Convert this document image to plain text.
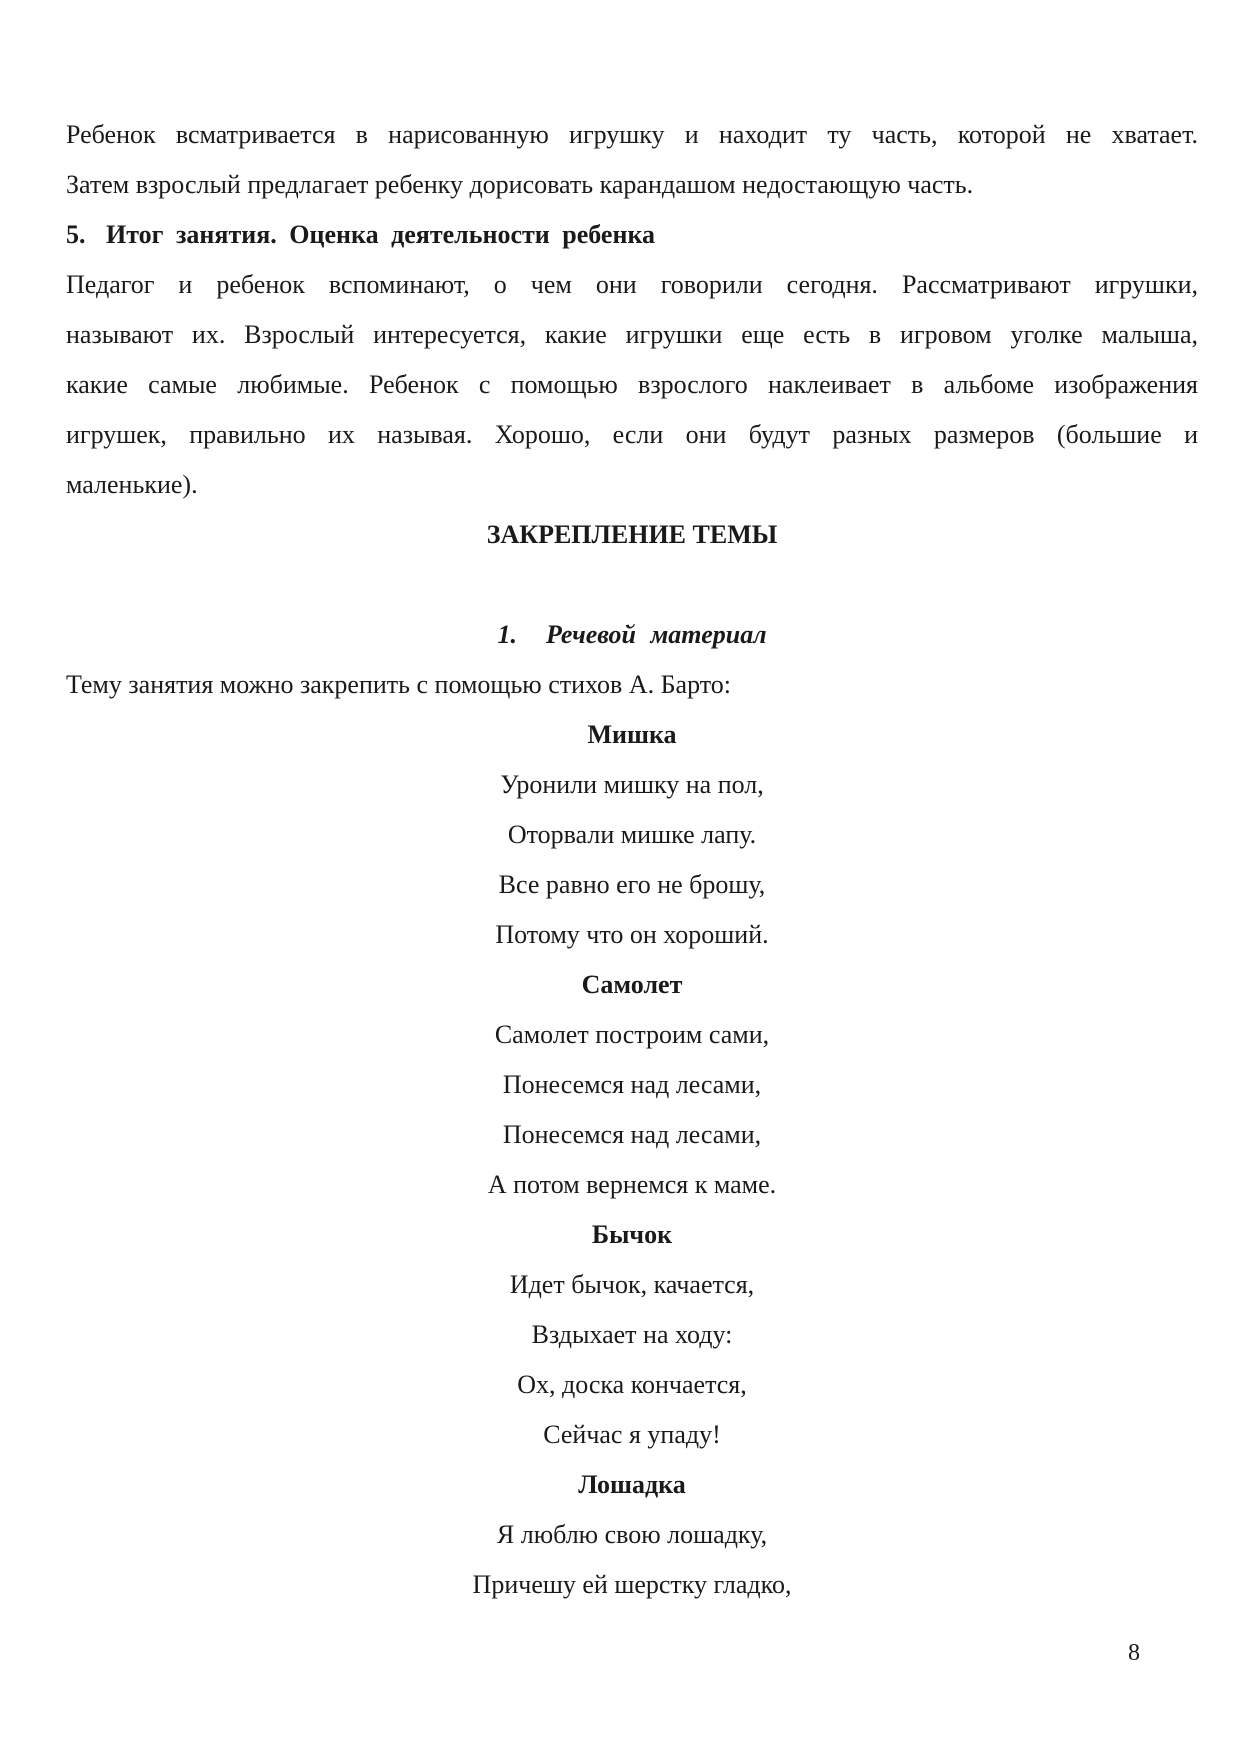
Ребенок всматривается в нарисованную игрушку и находит ту часть, которой не хватает.
Затем взрослый предлагает ребенку дорисовать карандашом недостающую часть.
5. Итог занятия. Оценка деятельности ребенка
Педагог и ребенок вспоминают, о чем они говорили сегодня. Рассматривают игрушки,
называют их. Взрослый интересуется, какие игрушки еще есть в игровом уголке малыша,
какие самые любимые. Ребенок с помощью взрослого наклеивает в альбоме изображения
игрушек, правильно их называя. Хорошо, если они будут разных размеров (большие и
маленькие).
ЗАКРЕПЛЕНИЕ ТЕМЫ
1. Речевой материал
Тему занятия можно закрепить с помощью стихов А. Барто:
Мишка
Уронили мишку на пол,
Оторвали мишке лапу.
Все равно его не брошу,
Потому что он хороший.
Самолет
Самолет построим сами,
Понесемся над лесами,
Понесемся над лесами,
А потом вернемся к маме.
Бычок
Идет бычок, качается,
Вздыхает на ходу:
Ох, доска кончается,
Сейчас я упаду!
Лошадка
Я люблю свою лошадку,
Причешу ей шерстку гладко,
8
